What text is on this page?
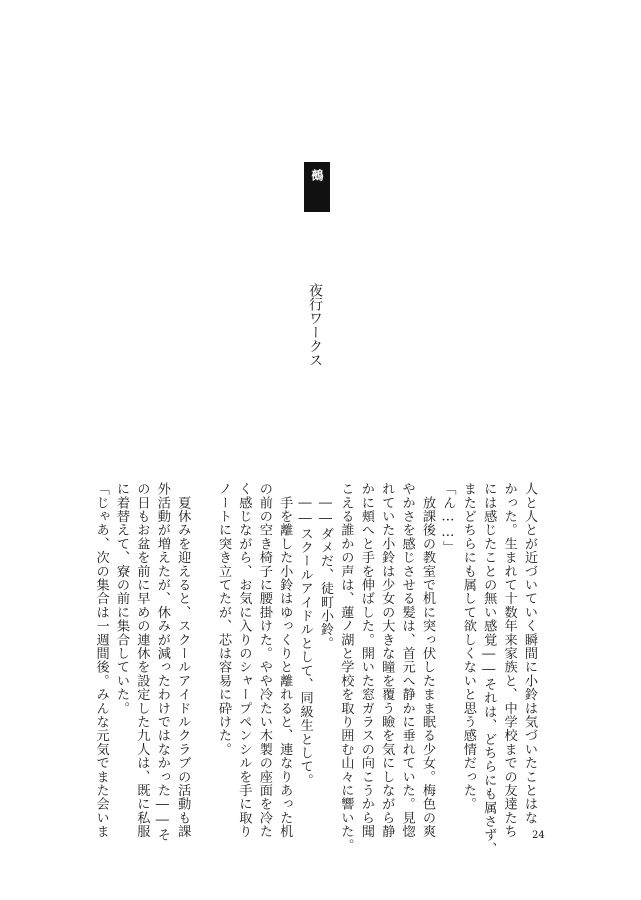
鵺

夜行ワークス

人と人とが近づいていく瞬間に小鈴は気づいたことはな

かった。生まれて十数年来家族と、中学校までの友達たち

には感じたことの無い感覚――それは、どちらにも属さず、

またどちらにも属して欲しくないと思う感情だった。

「ん……」

　放課後の教室で机に突っ伏したまま眠る少女。梅色の爽

やかさを感じさせる髪は、首元へ静かに垂れていた。見惚

れていた小鈴は少女の大きな瞳を覆う瞼を気にしながら静

かに頬へと手を伸ばした。開いた窓ガラスの向こうから聞

こえる誰かの声は、蓮ノ湖と学校を取り囲む山々に響いた。

　――ダメだ、徒町小鈴。

　――スクールアイドルとして、同級生として。

　手を離した小鈴はゆっくりと離れると、連なりあった机

の前の空き椅子に腰掛けた。やや冷たい木製の座面を冷た

く感じながら、お気に入りのシャープペンシルを手に取り

ノートに突き立てたが、芯は容易に砕けた。

　夏休みを迎えると、スクールアイドルクラブの活動も課

外活動が増えたが、休みが減ったわけではなかった――そ

の日もお盆を前に早めの連休を設定した九人は、既に私服

に着替えて、寮の前に集合していた。

「じゃあ、次の集合は一週間後。みんな元気でまた会いま	24
